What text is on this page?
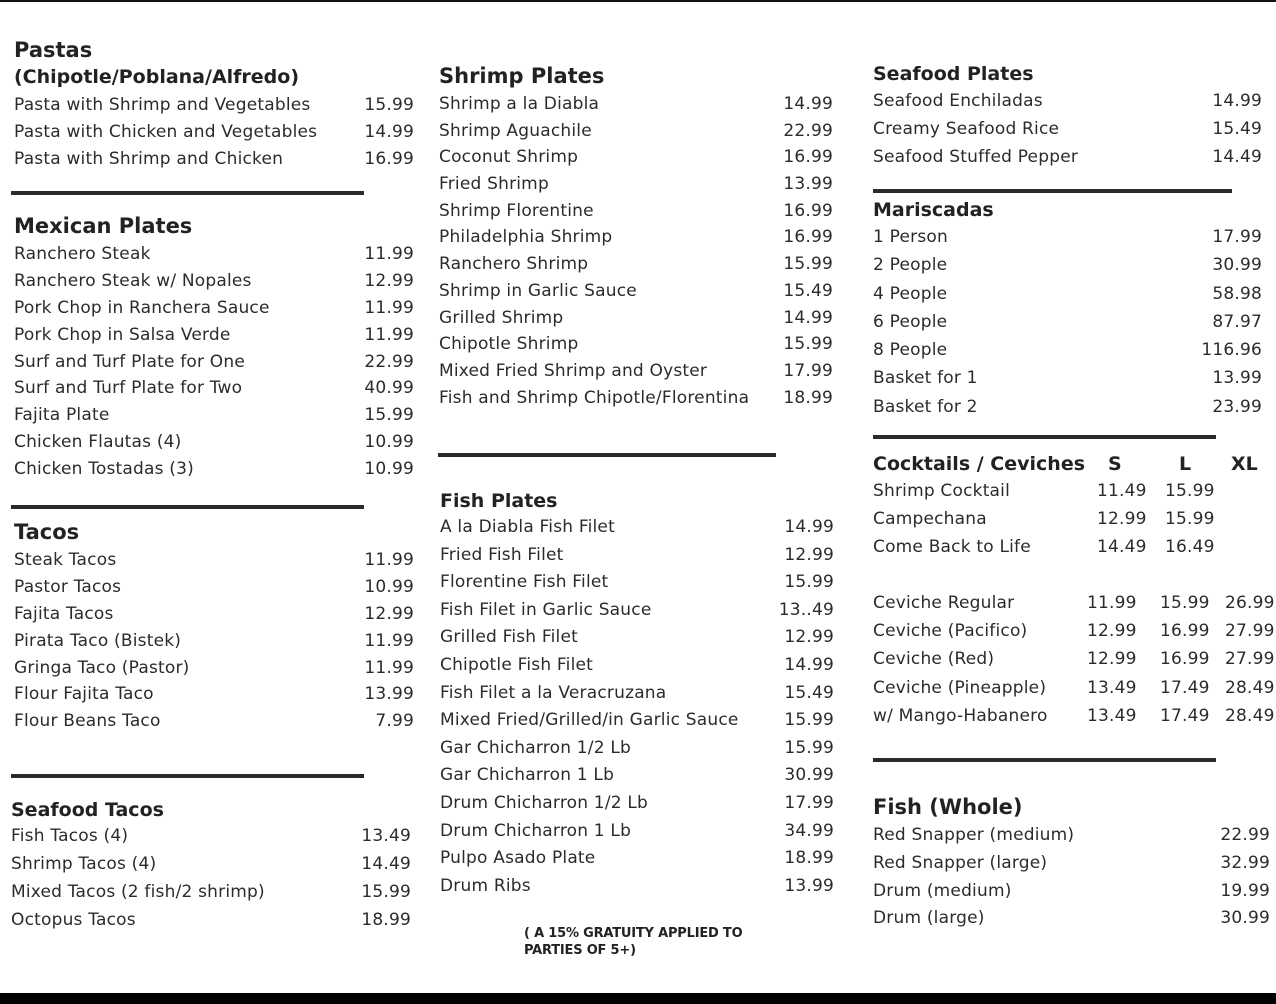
Pastas
(Chipotle/Poblana/Alfredo)
Pasta with Shrimp and Vegetables	15.99
Pasta with Chicken and Vegetables	14.99
Pasta with Shrimp and Chicken	16.99
Mexican Plates
Ranchero Steak	11.99
Ranchero Steak w/ Nopales	12.99
Pork Chop in Ranchera Sauce	11.99
Pork Chop in Salsa Verde	11.99
Surf and Turf Plate for One	22.99
Surf and Turf Plate for Two	40.99
Fajita Plate	15.99
Chicken Flautas (4)	10.99
Chicken Tostadas (3)	10.99
Tacos
Steak Tacos	11.99
Pastor Tacos	10.99
Fajita Tacos	12.99
Pirata Taco (Bistek)	11.99
Gringa Taco (Pastor)	11.99
Flour Fajita Taco	13.99
Flour Beans Taco	7.99
Seafood Tacos
Fish Tacos (4)	13.49
Shrimp Tacos (4)	14.49
Mixed Tacos (2 fish/2 shrimp)	15.99
Octopus Tacos	18.99
Shrimp Plates
Shrimp a la Diabla	14.99
Shrimp Aguachile	22.99
Coconut Shrimp	16.99
Fried Shrimp	13.99
Shrimp Florentine	16.99
Philadelphia Shrimp	16.99
Ranchero Shrimp	15.99
Shrimp in Garlic Sauce	15.49
Grilled Shrimp	14.99
Chipotle Shrimp	15.99
Mixed Fried Shrimp and Oyster	17.99
Fish and Shrimp Chipotle/Florentina 18.99
Fish Plates
A la Diabla Fish Filet	14.99
Fried Fish Filet	12.99
Florentine Fish Filet	15.99
Fish Filet in Garlic Sauce	13..49
Grilled Fish Filet	12.99
Chipotle Fish Filet	14.99
Fish Filet a la Veracruzana	15.49
Mixed Fried/Grilled/in Garlic Sauce	15.99
Gar Chicharron 1/2 Lb	15.99
Gar Chicharron 1 Lb	30.99
Drum Chicharron 1/2 Lb	17.99
Drum Chicharron 1 Lb	34.99
Pulpo Asado Plate	18.99
Drum Ribs	13.99
( A 15% GRATUITY APPLIED TO
PARTIES OF 5+)
Seafood Plates
Seafood Enchiladas	14.99
Creamy Seafood Rice	15.49
Seafood Stuffed Pepper	14.49
Mariscadas
1 Person	17.99
2 People	30.99
4 People	58.98
6 People	87.97
8 People	116.96
Basket for 1	13.99
Basket for 2	23.99
Cocktails / Ceviches S	L XL
Shrimp Cocktail	11.49 15.99
Campechana	12.99 15.99
Come Back to Life	14.49 16.49
Ceviche Regular	11.99 15.99 26.99
Ceviche (Pacifico)	12.99 16.99 27.99
Ceviche (Red)	12.99 16.99 27.99
Ceviche (Pineapple) 13.49 17.49 28.49
w/ Mango-Habanero 13.49 17.49 28.49
Fish (Whole)
Red Snapper (medium)	22.99
Red Snapper (large)	32.99
Drum (medium)	19.99
Drum (large)	30.99
